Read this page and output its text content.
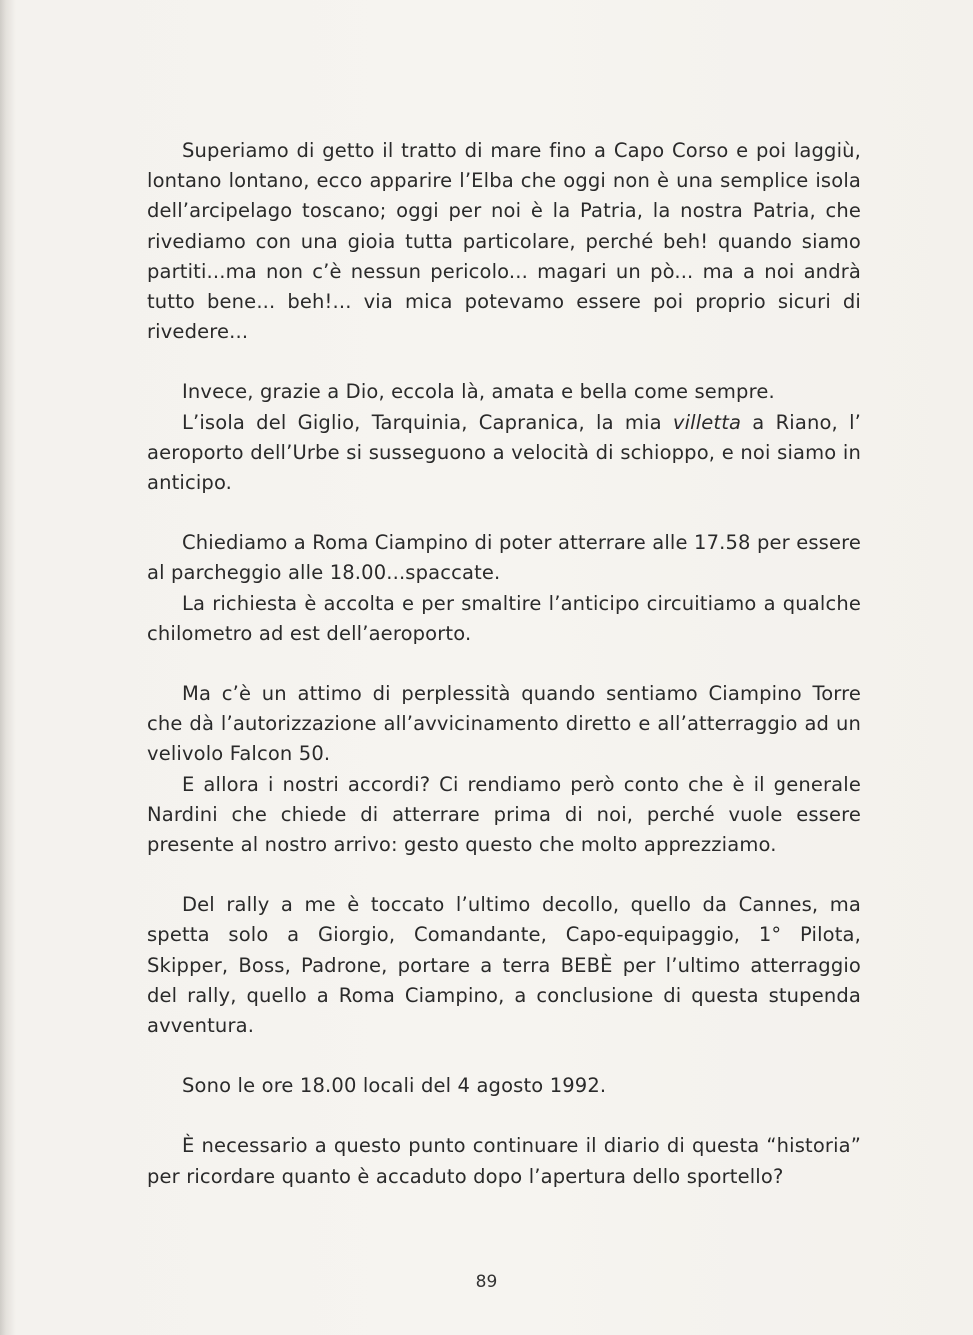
Superiamo di getto il tratto di mare fino a Capo Corso e poi laggiù, lontano lontano, ecco apparire l’Elba che oggi non è una semplice isola dell’arcipelago toscano; oggi per noi è la Patria, la nostra Patria, che rivediamo con una gioia tutta particolare, perché beh! quando siamo partiti...ma non c’è nessun pericolo... magari un pò... ma a noi andrà tutto bene... beh!... via mica potevamo essere poi proprio sicuri di rivedere...

Invece, grazie a Dio, eccola là, amata e bella come sempre.

L’isola del Giglio, Tarquinia, Capranica, la mia villetta a Riano, l’ aeroporto dell’Urbe si susseguono a velocità di schioppo, e noi siamo in anticipo.

Chiediamo a Roma Ciampino di poter atterrare alle 17.58 per essere al parcheggio alle 18.00...spaccate.

La richiesta è accolta e per smaltire l’anticipo circuitiamo a qualche chilometro ad est dell’aeroporto.

Ma c’è un attimo di perplessità quando sentiamo Ciampino Torre che dà l’autorizzazione all’avvicinamento diretto e all’atterraggio ad un velivolo Falcon 50.

E allora i nostri accordi? Ci rendiamo però conto che è il generale Nardini che chiede di atterrare prima di noi, perché vuole essere presente al nostro arrivo: gesto questo che molto apprezziamo.

Del rally a me è toccato l’ultimo decollo, quello da Cannes, ma spetta solo a Giorgio, Comandante, Capo-equipaggio, 1° Pilota, Skipper, Boss, Padrone, portare a terra BEBÈ per l’ultimo atterraggio del rally, quello a Roma Ciampino, a conclusione di questa stupenda avventura.

Sono le ore 18.00 locali del 4 agosto 1992.

È necessario a questo punto continuare il diario di questa “historia” per ricordare quanto è accaduto dopo l’apertura dello sportello?

89
